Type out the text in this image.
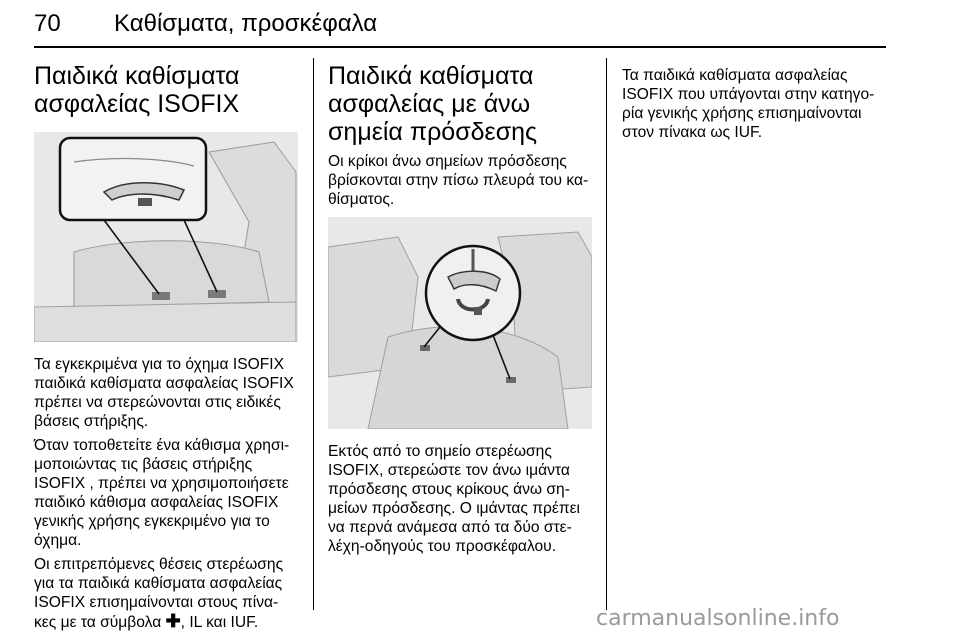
70 Καθίσματα, προσκέφαλα
Παιδικά καθίσματα ασφαλείας ISOFIX

Τα εγκεκριμένα για το όχημα ISOFIX παιδικά καθίσματα ασφαλείας ISOFIX πρέπει να στερεώνονται στις ειδικές βάσεις στήριξης.

Όταν τοποθετείτε ένα κάθισμα χρησι-μοποιώντας τις βάσεις στήριξης ISOFIX , πρέπει να χρησιμοποιήσετε παιδικό κάθισμα ασφαλείας ISOFIX γενικής χρήσης εγκεκριμένο για το όχημα.

Οι επιτρεπόμενες θέσεις στερέωσης για τα παιδικά καθίσματα ασφαλείας ISOFIX επισημαίνονται στους πίνα-κες με τα σύμβολα ✚, IL και IUF.

Παιδικά καθίσματα ασφαλείας με άνω σημεία πρόσδεσης

Οι κρίκοι άνω σημείων πρόσδεσης βρίσκονται στην πίσω πλευρά του κα-θίσματος.

Εκτός από το σημείο στερέωσης ISOFIX, στερεώστε τον άνω ιμάντα πρόσδεσης στους κρίκους άνω ση-μείων πρόσδεσης. Ο ιμάντας πρέπει να περνά ανάμεσα από τα δύο στε-λέχη-οδηγούς του προσκέφαλου.

Τα παιδικά καθίσματα ασφαλείας ISOFIX που υπάγονται στην κατηγο-ρία γενικής χρήσης επισημαίνονται στον πίνακα ως IUF.

carmanualsonline.info
